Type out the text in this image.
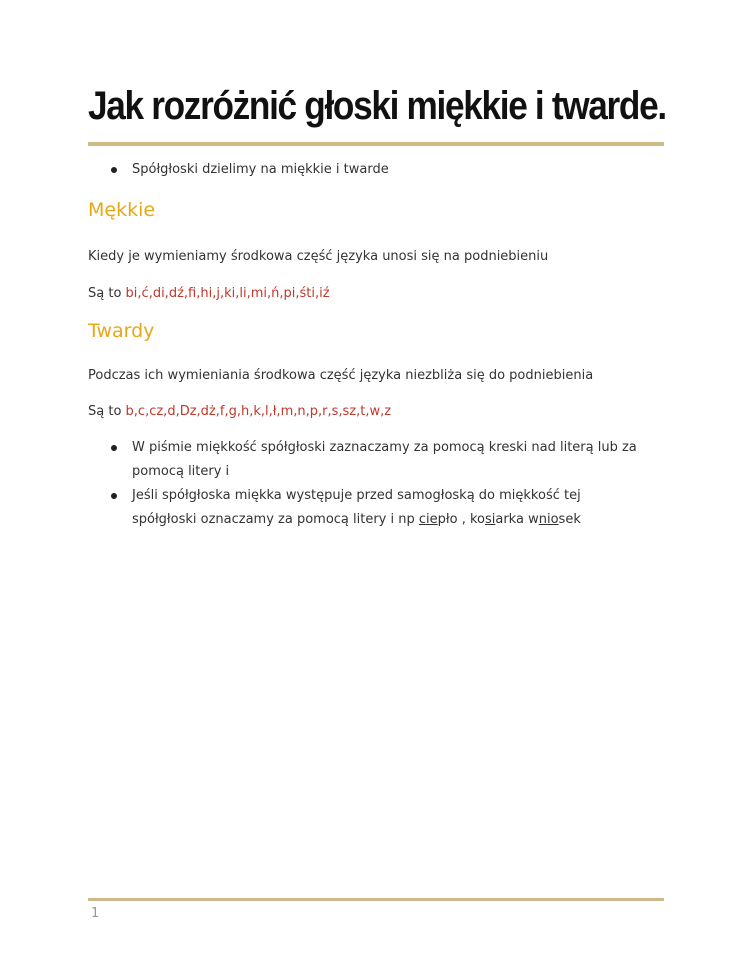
Jak rozróżnić głoski miękkie i twarde.
Spółgłoski dzielimy na miękkie i twarde
Mękkie

Kiedy je wymieniamy środkowa część języka unosi się na podniebieniu

Są to bi,ć,di,dź,fi,hi,j,ki,li,mi,ń,pi,śti,iź

Twardy

Podczas ich wymieniania środkowa część języka niezbliża się do podniebienia

Są to b,c,cz,d,Dz,dż,f,g,h,k,l,ł,m,n,p,r,s,sz,t,w,z

W piśmie miękkość spółgłoski zaznaczamy za pomocą kreski nad literą lub za pomocą litery i
Jeśli spółgłoska miękka występuje przed samogłoską do miękkość tej spółgłoski oznaczamy za pomocą litery i np ciepło , kosiarka wniosek
1
